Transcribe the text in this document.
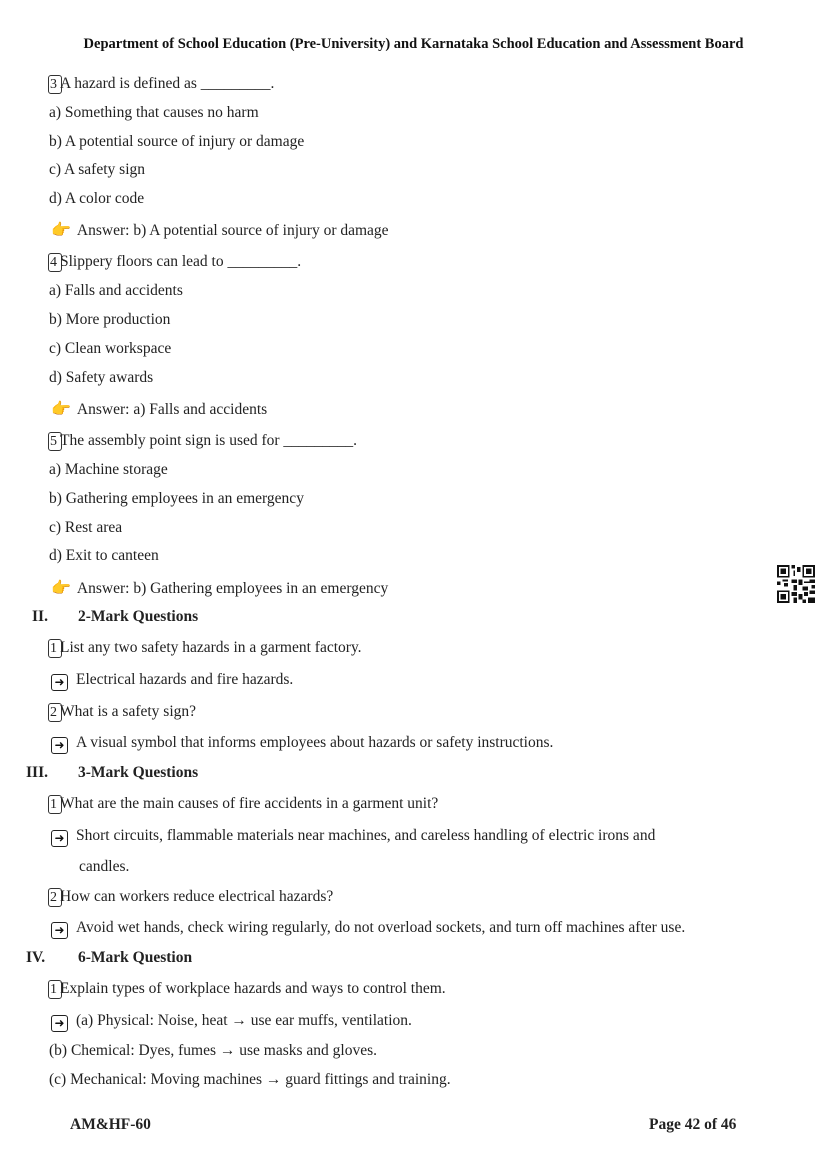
Department of School Education (Pre-University) and Karnataka School Education and Assessment Board
3 A hazard is defined as _________.
a) Something that causes no harm
b) A potential source of injury or damage
c) A safety sign
d) A color code
👉 Answer: b) A potential source of injury or damage
4 Slippery floors can lead to _________.
a) Falls and accidents
b) More production
c) Clean workspace
d) Safety awards
👉 Answer: a) Falls and accidents
5 The assembly point sign is used for _________.
a) Machine storage
b) Gathering employees in an emergency
c) Rest area
d) Exit to canteen
👉 Answer: b) Gathering employees in an emergency
II. 2-Mark Questions
1 List any two safety hazards in a garment factory.
➜ Electrical hazards and fire hazards.
2 What is a safety sign?
➜ A visual symbol that informs employees about hazards or safety instructions.
III. 3-Mark Questions
1 What are the main causes of fire accidents in a garment unit?
➜ Short circuits, flammable materials near machines, and careless handling of electric irons and
candles.
2 How can workers reduce electrical hazards?
➜ Avoid wet hands, check wiring regularly, do not overload sockets, and turn off machines after use.
IV. 6-Mark Question
1 Explain types of workplace hazards and ways to control them.
➜ (a) Physical: Noise, heat → use ear muffs, ventilation.
(b) Chemical: Dyes, fumes → use masks and gloves.
(c) Mechanical: Moving machines → guard fittings and training.
AM&HF-60	Page 42 of 46
